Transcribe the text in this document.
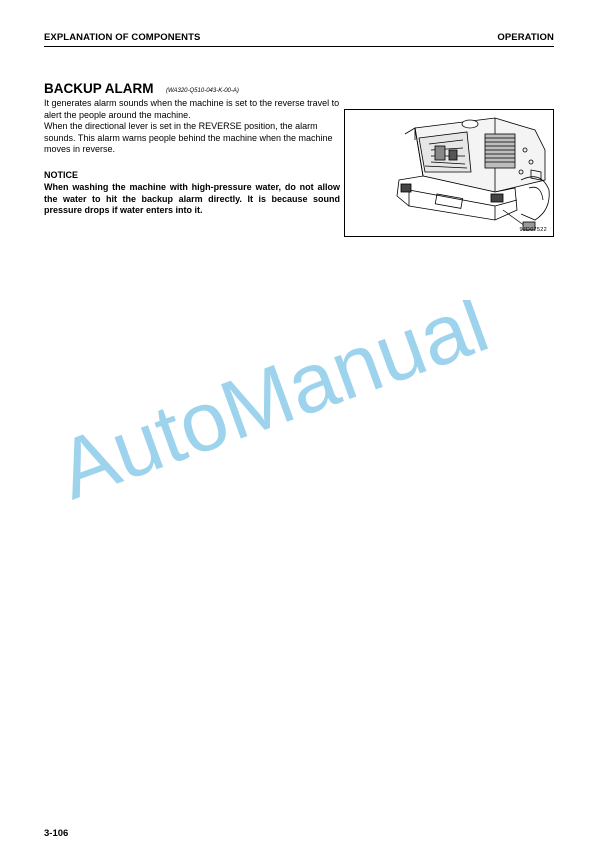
EXPLANATION OF COMPONENTS	OPERATION
BACKUP ALARM (WA320-Q510-043-K-00-A)

It generates alarm sounds when the machine is set to the reverse travel to alert the people around the machine.

When the directional lever is set in the REVERSE position, the alarm sounds. This alarm warns people behind the machine when the machine moves in reverse.

NOTICE
When washing the machine with high-pressure water, do not allow the water to hit the backup alarm directly. It is because sound pressure drops if water enters into it.
9JD07522
AutoManual
3-106
